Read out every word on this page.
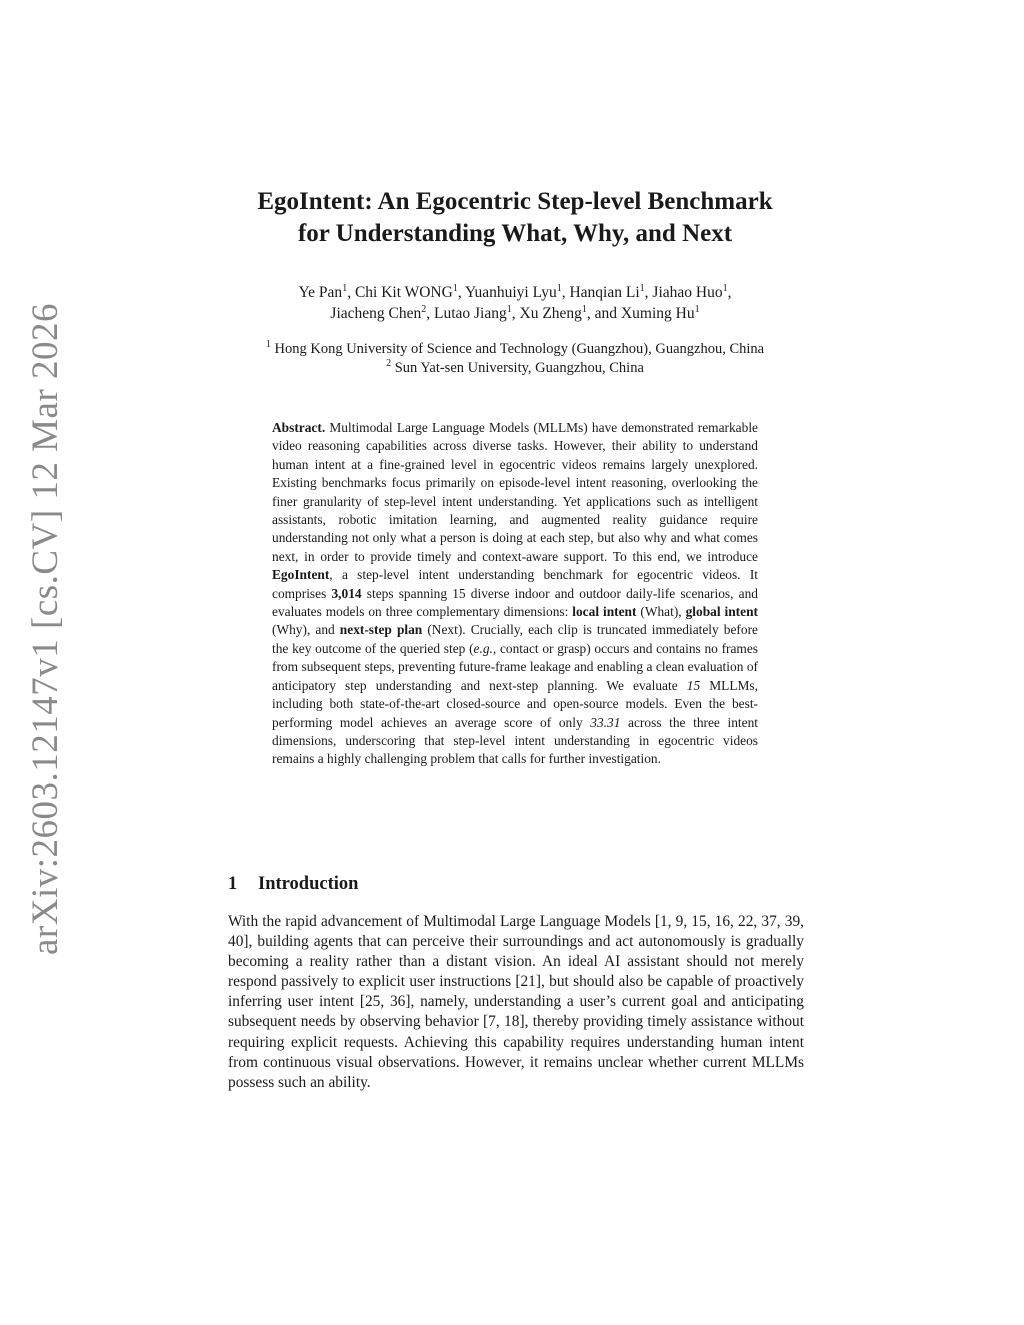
arXiv:2603.12147v1 [cs.CV] 12 Mar 2026
EgoIntent: An Egocentric Step-level Benchmark
for Understanding What, Why, and Next
Ye Pan$^1$, Chi Kit WONG$^1$, Yuanhuiyi Lyu$^1$, Hanqian Li$^1$, Jiahao Huo$^1$,
Jiacheng Chen$^2$, Lutao Jiang$^1$, Xu Zheng$^1$, and Xuming Hu$^1$
$^1$ Hong Kong University of Science and Technology (Guangzhou), Guangzhou, China
$^2$ Sun Yat-sen University, Guangzhou, China

Abstract. Multimodal Large Language Models (MLLMs) have demonstrated remarkable video reasoning capabilities across diverse tasks. However, their ability to understand human intent at a fine-grained level in egocentric videos remains largely unexplored. Existing benchmarks focus primarily on episode-level intent reasoning, overlooking the finer granularity of step-level intent understanding. Yet applications such as intelligent assistants, robotic imitation learning, and augmented reality guidance require understanding not only what a person is doing at each step, but also why and what comes next, in order to provide timely and context-aware support. To this end, we introduce EgoIntent, a step-level intent understanding benchmark for egocentric videos. It comprises 3,014 steps spanning 15 diverse indoor and outdoor daily-life scenarios, and evaluates models on three complementary dimensions: local intent (What), global intent (Why), and next-step plan (Next). Crucially, each clip is truncated immediately before the key outcome of the queried step (e.g., contact or grasp) occurs and contains no frames from subsequent steps, preventing future-frame leakage and enabling a clean evaluation of anticipatory step understanding and next-step planning. We evaluate 15 MLLMs, including both state-of-the-art closed-source and open-source models. Even the best-performing model achieves an average score of only 33.31 across the three intent dimensions, underscoring that step-level intent understanding in egocentric videos remains a highly challenging problem that calls for further investigation.

1 Introduction

With the rapid advancement of Multimodal Large Language Models [1, 9, 15, 16, 22, 37, 39, 40], building agents that can perceive their surroundings and act autonomously is gradually becoming a reality rather than a distant vision. An ideal AI assistant should not merely respond passively to explicit user instructions [21], but should also be capable of proactively inferring user intent [25, 36], namely, understanding a user’s current goal and anticipating subsequent needs by observing behavior [7, 18], thereby providing timely assistance without requiring explicit requests. Achieving this capability requires understanding human intent from continuous visual observations. However, it remains unclear whether current MLLMs possess such an ability.
